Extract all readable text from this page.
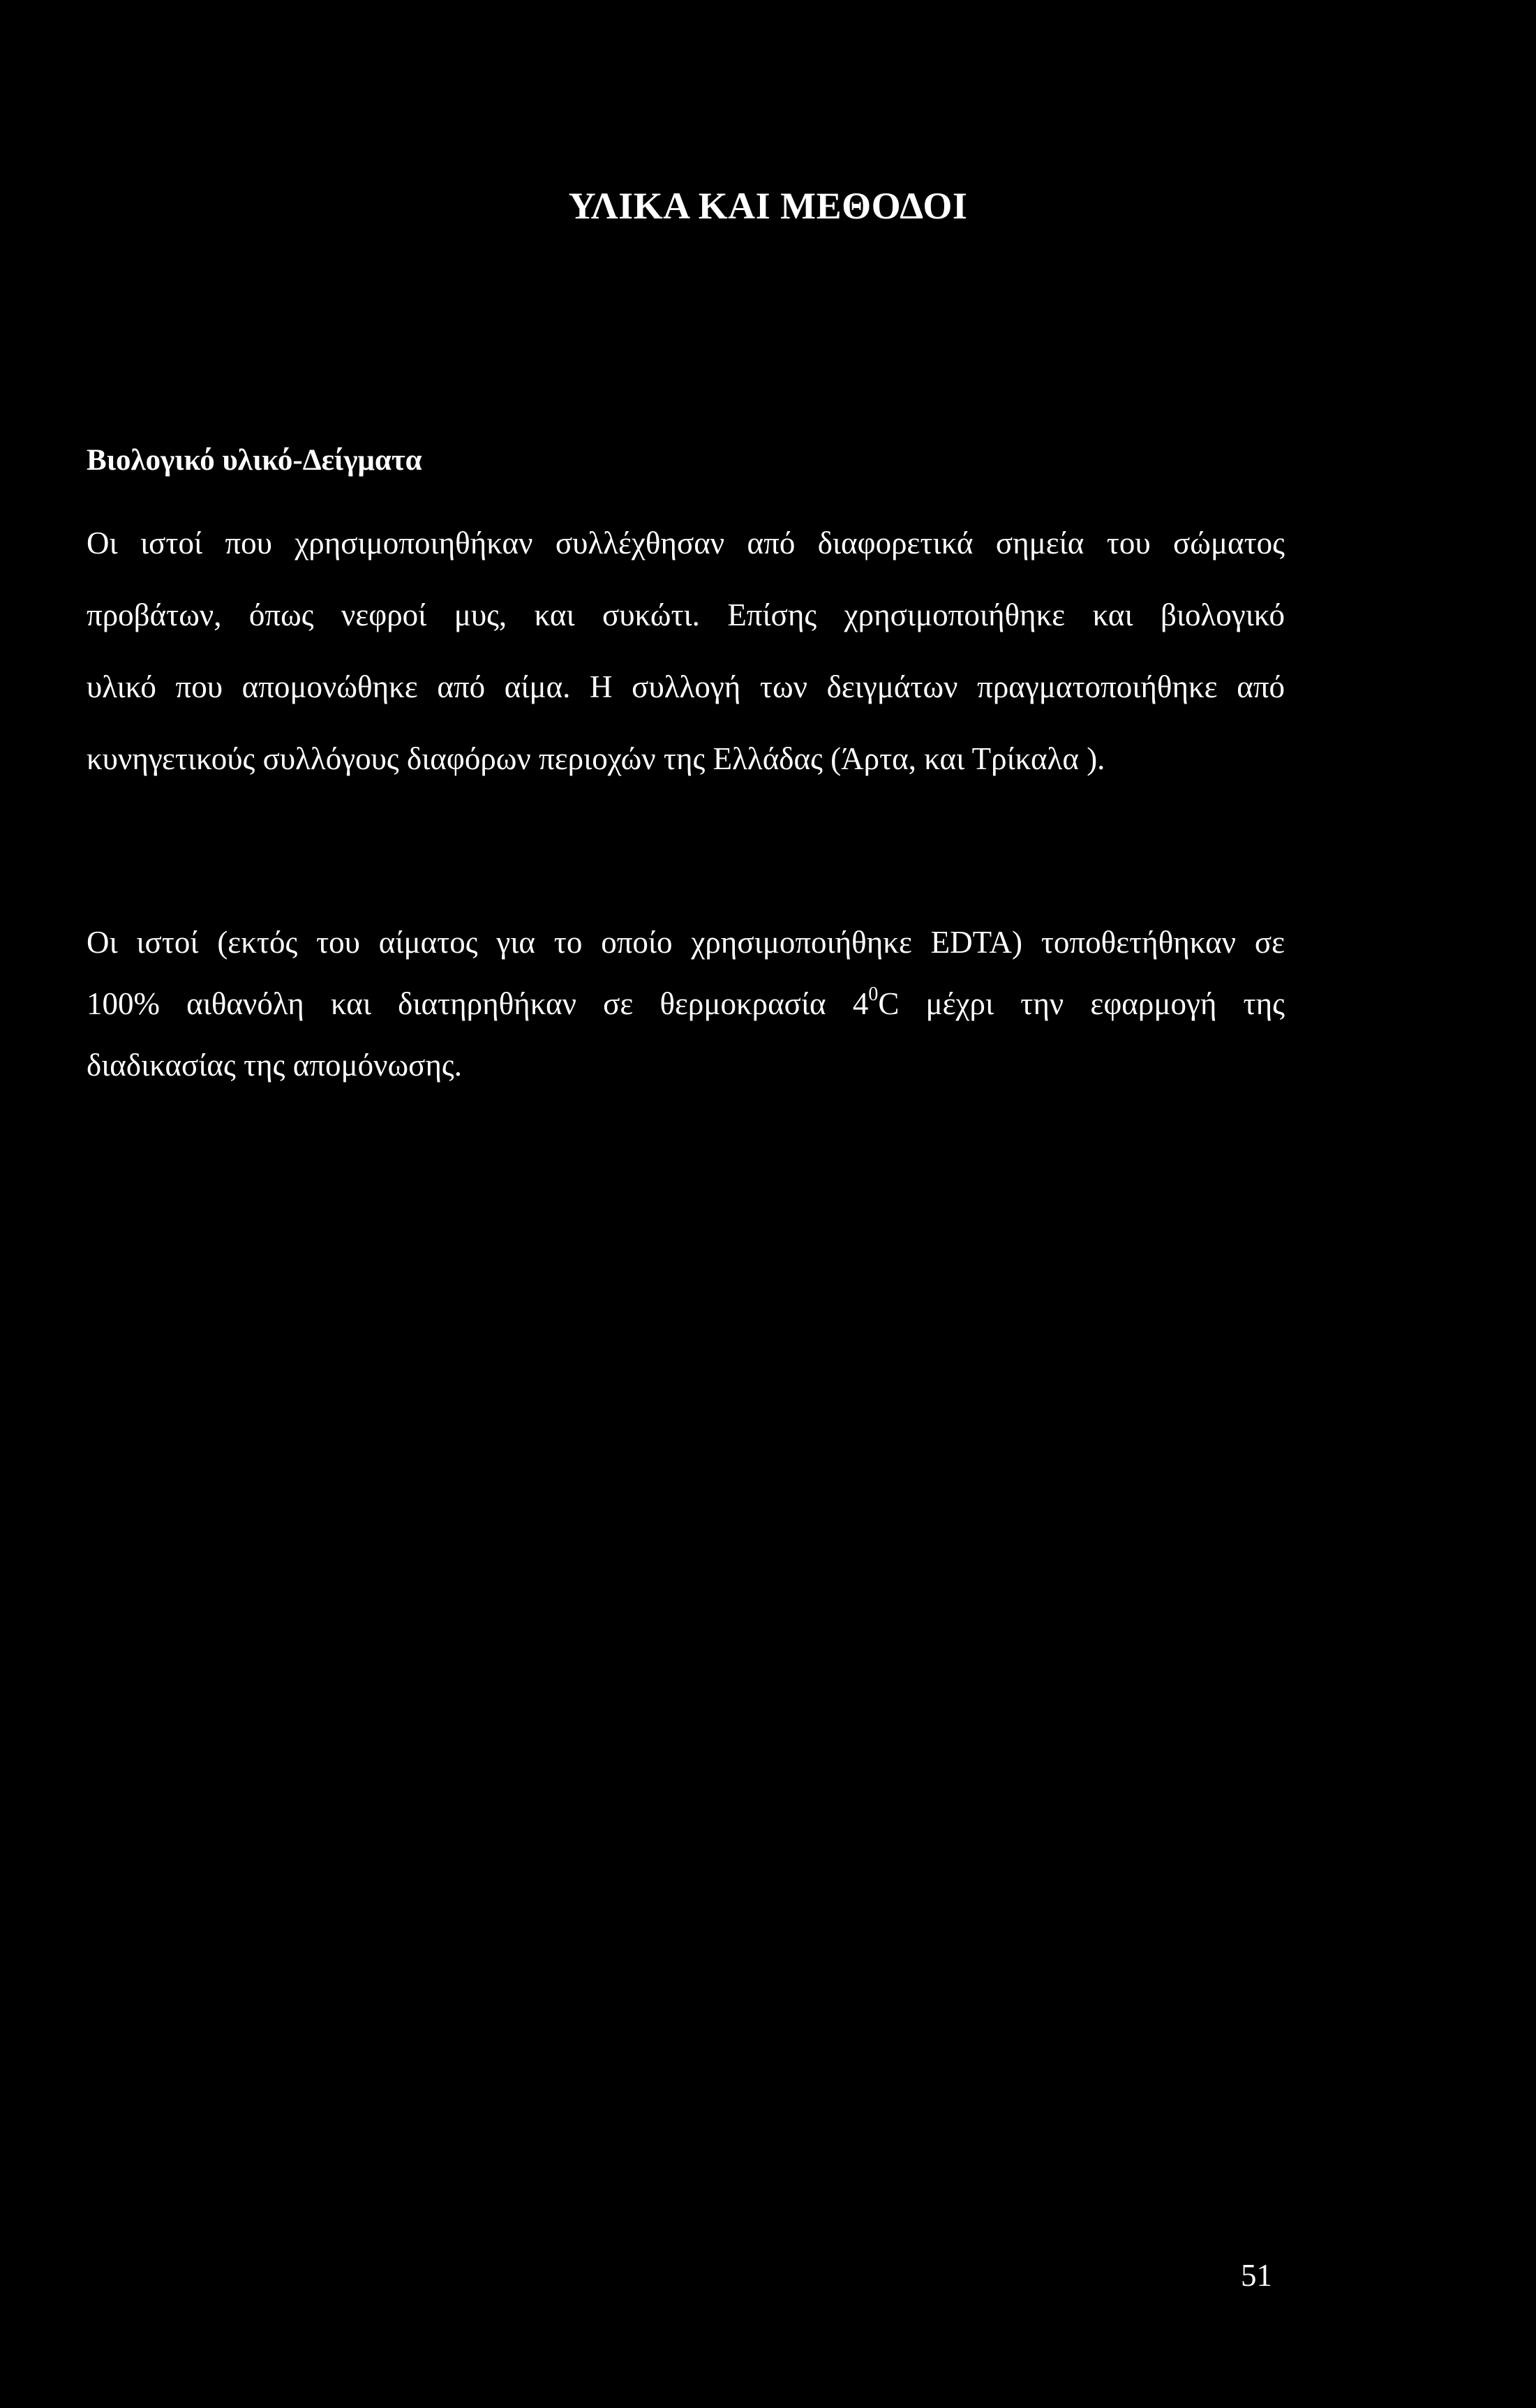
ΥΛΙΚΑ ΚΑΙ ΜΕΘΟΔΟΙ
Βιολογικό υλικό-Δείγματα

Οι ιστοί που χρησιμοποιηθήκαν συλλέχθησαν από διαφορετικά σημεία του σώματος
προβάτων, όπως νεφροί μυς, και συκώτι. Επίσης χρησιμοποιήθηκε και βιολογικό
υλικό που απομονώθηκε από αίμα. Η συλλογή των δειγμάτων πραγματοποιήθηκε από
κυνηγετικούς συλλόγους διαφόρων περιοχών της Ελλάδας (Άρτα, και Τρίκαλα ).

Οι ιστοί (εκτός του αίματος για το οποίο χρησιμοποιήθηκε EDTA) τοποθετήθηκαν σε
100% αιθανόλη και διατηρηθήκαν σε θερμοκρασία $4^0C$ μέχρι την εφαρμογή της
διαδικασίας της απομόνωσης.

51
